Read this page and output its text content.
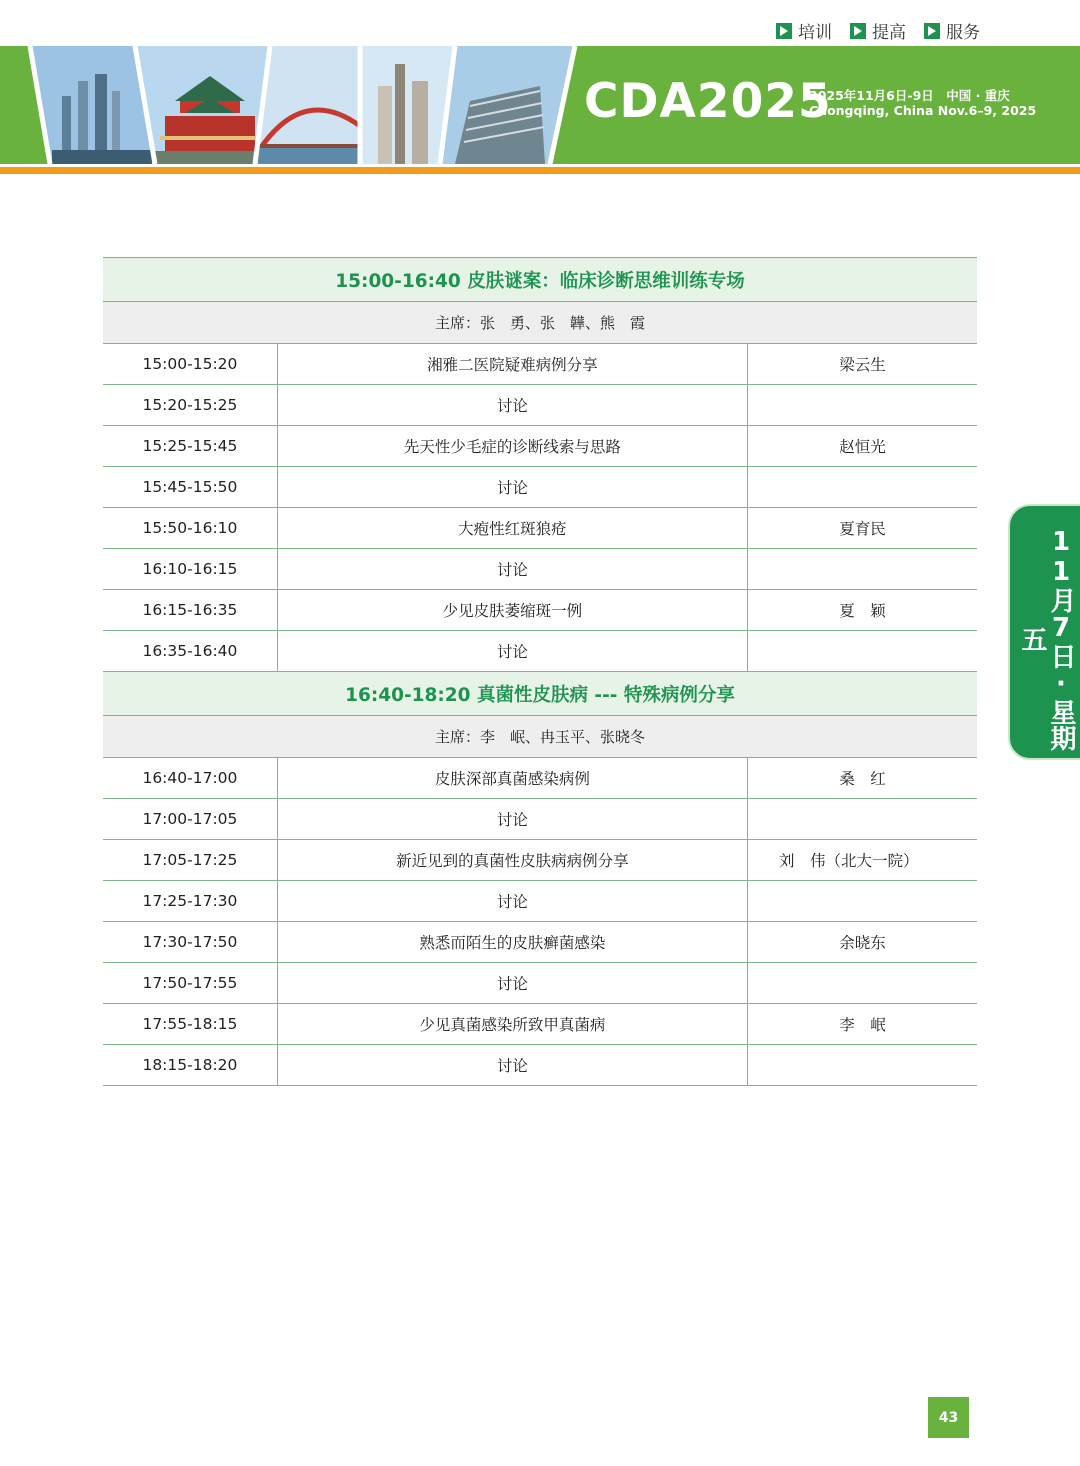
培训 提高 服务
CDA2025
2025年11月6日-9日　中国 · 重庆
Chongqing, China Nov.6–9, 2025
15:00-16:40 皮肤谜案：临床诊断思维训练专场		
主席：张　勇、张　韡、熊　霞		
15:00-15:20	湘雅二医院疑难病例分享	梁云生
15:20-15:25	讨论	
15:25-15:45	先天性少毛症的诊断线索与思路	赵恒光
15:45-15:50	讨论	
15:50-16:10	大疱性红斑狼疮	夏育民
16:10-16:15	讨论	
16:15-16:35	少见皮肤萎缩斑一例	夏　颖
16:35-16:40	讨论	
16:40-18:20 真菌性皮肤病 --- 特殊病例分享		
主席：李　岷、冉玉平、张晓冬		
16:40-17:00	皮肤深部真菌感染病例	桑　红
17:00-17:05	讨论	
17:05-17:25	新近见到的真菌性皮肤病病例分享	刘　伟（北大一院）
17:25-17:30	讨论	
17:30-17:50	熟悉而陌生的皮肤癣菌感染	余晓东
17:50-17:55	讨论	
17:55-18:15	少见真菌感染所致甲真菌病	李　岷
18:15-18:20	讨论	
11月7日·星期五
43
